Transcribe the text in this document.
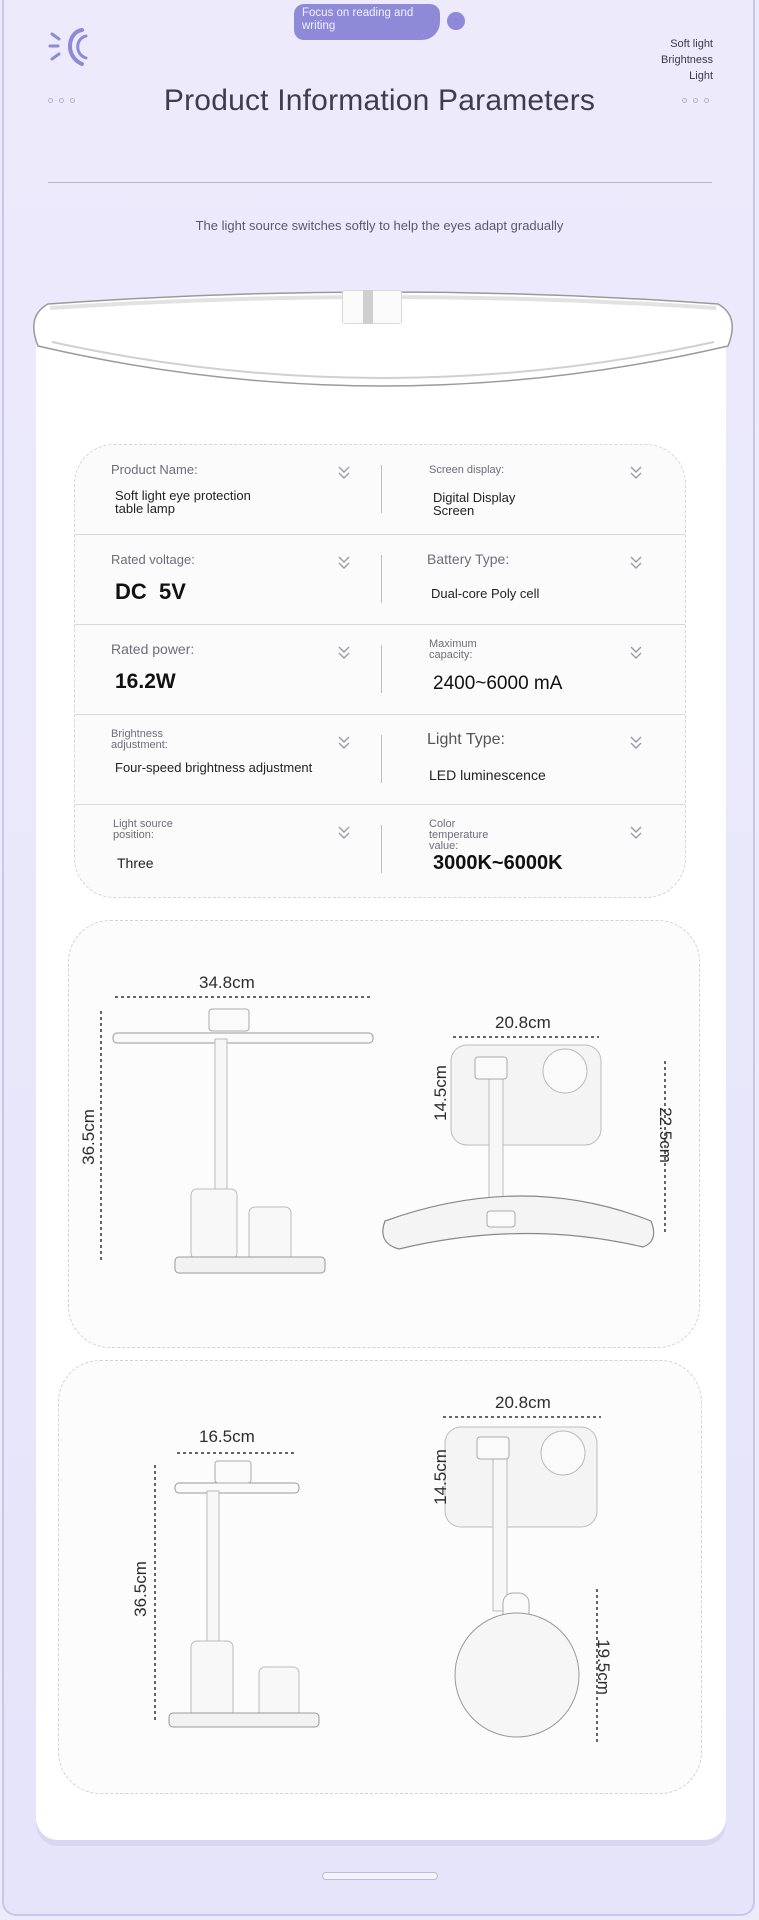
Focus on reading and writing
Soft light
Brightness
Light
Product Information Parameters
The light source switches softly to help the eyes adapt gradually
Product Name:
Soft light eye protection table lamp
Screen display:
Digital Display Screen
Rated voltage:
DC  5V
Battery Type:
Dual-core Poly cell
Rated power:
16.2W
Maximum capacity:
2400~6000 mA
Brightness adjustment:
Four-speed brightness adjustment
Light Type:
LED luminescence
Light source position:
Three
Color temperature value:
3000K~6000K
34.8cm
36.5cm
20.8cm
14.5cm
22.5cm
16.5cm
36.5cm
20.8cm
14.5cm
19.5cm
